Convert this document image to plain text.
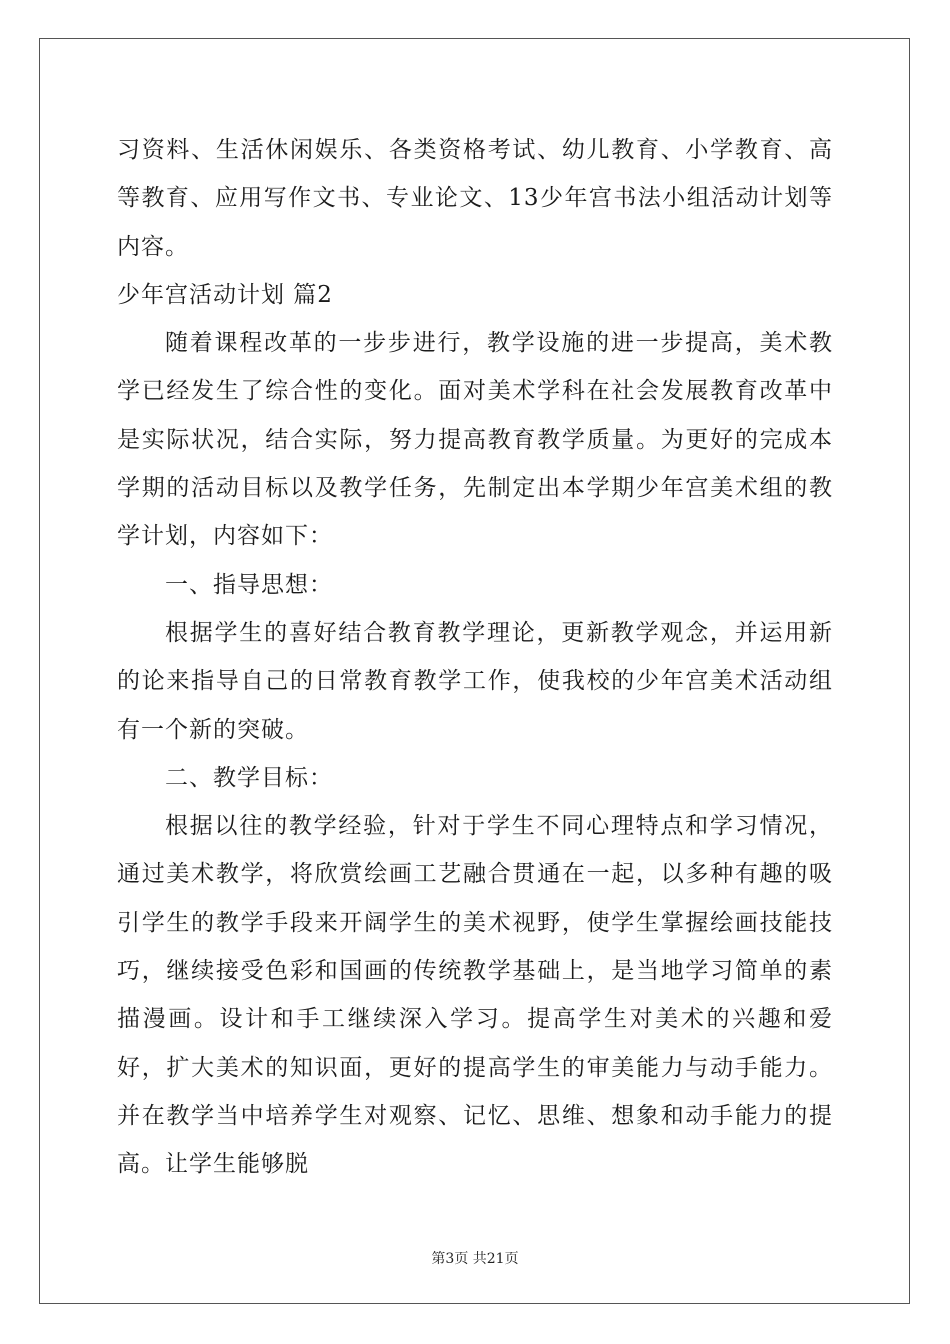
习资料、生活休闲娱乐、各类资格考试、幼儿教育、小学教育、高等教育、应用写作文书、专业论文、13少年宫书法小组活动计划等内容。

少年宫活动计划 篇2

随着课程改革的一步步进行，教学设施的进一步提高，美术教学已经发生了综合性的变化。面对美术学科在社会发展教育改革中是实际状况，结合实际，努力提高教育教学质量。为更好的完成本学期的活动目标以及教学任务，先制定出本学期少年宫美术组的教学计划，内容如下：

一、指导思想：

根据学生的喜好结合教育教学理论，更新教学观念，并运用新的论来指导自己的日常教育教学工作，使我校的少年宫美术活动组有一个新的突破。

二、教学目标：

根据以往的教学经验，针对于学生不同心理特点和学习情况，通过美术教学，将欣赏绘画工艺融合贯通在一起，以多种有趣的吸引学生的教学手段来开阔学生的美术视野，使学生掌握绘画技能技巧，继续接受色彩和国画的传统教学基础上，是当地学习简单的素描漫画。设计和手工继续深入学习。提高学生对美术的兴趣和爱好，扩大美术的知识面，更好的提高学生的审美能力与动手能力。并在教学当中培养学生对观察、记忆、思维、想象和动手能力的提高。让学生能够脱

第3页 共21页
